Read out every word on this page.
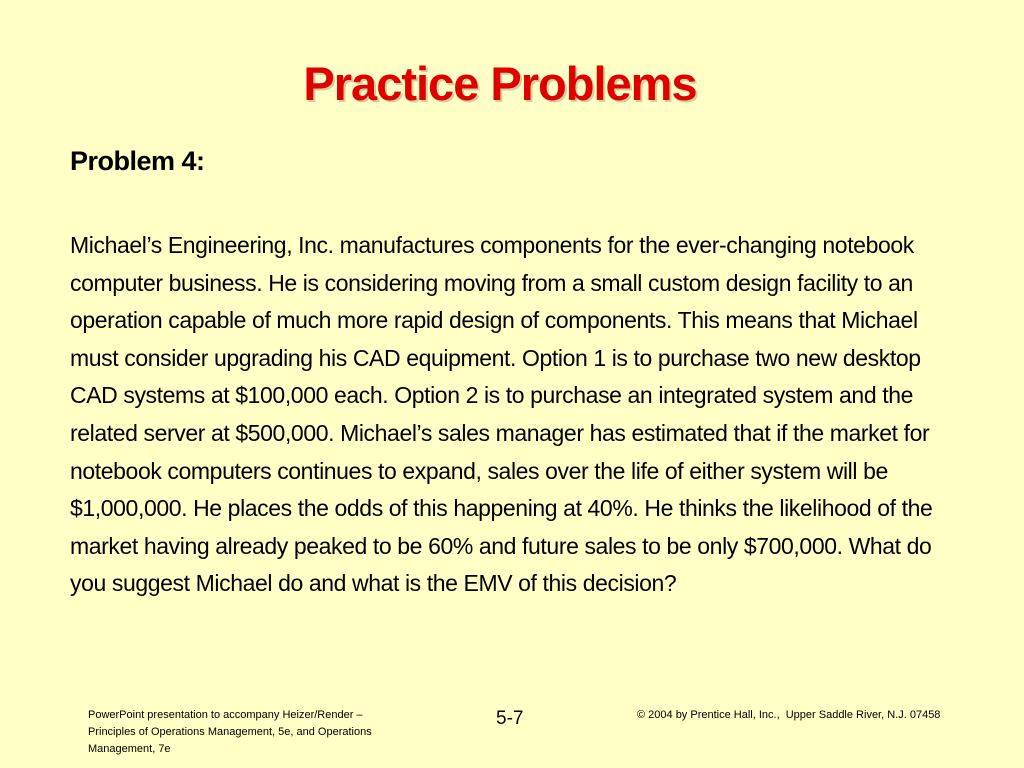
Practice Problems
Problem 4:

Michael’s Engineering, Inc. manufactures components for the ever-changing notebook computer business. He is considering moving from a small custom design facility to an operation capable of much more rapid design of components. This means that Michael must consider upgrading his CAD equipment. Option 1 is to purchase two new desktop CAD systems at $100,000 each. Option 2 is to purchase an integrated system and the related server at $500,000. Michael’s sales manager has estimated that if the market for notebook computers continues to expand, sales over the life of either system will be $1,000,000. He places the odds of this happening at 40%. He thinks the likelihood of the market having already peaked to be 60% and future sales to be only $700,000. What do you suggest Michael do and what is the EMV of this decision?

PowerPoint presentation to accompany Heizer/Render – Principles of Operations Management, 5e, and Operations Management, 7e
5-7	© 2004 by Prentice Hall, Inc.,  Upper Saddle River, N.J. 07458
